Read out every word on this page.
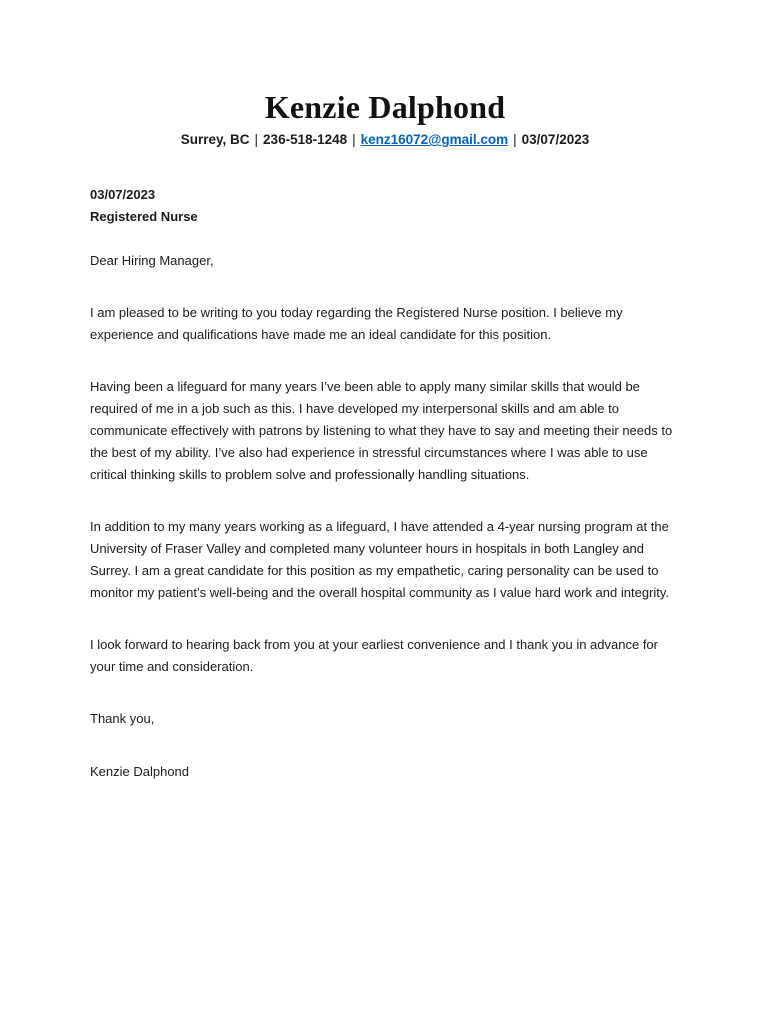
Kenzie Dalphond
Surrey, BC | 236-518-1248 | kenz16072@gmail.com | 03/07/2023
03/07/2023
Registered Nurse
Dear Hiring Manager,

I am pleased to be writing to you today regarding the Registered Nurse position. I believe my experience and qualifications have made me an ideal candidate for this position.

Having been a lifeguard for many years I’ve been able to apply many similar skills that would be required of me in a job such as this. I have developed my interpersonal skills and am able to communicate effectively with patrons by listening to what they have to say and meeting their needs to the best of my ability. I’ve also had experience in stressful circumstances where I was able to use critical thinking skills to problem solve and professionally handling situations.

In addition to my many years working as a lifeguard, I have attended a 4-year nursing program at the University of Fraser Valley and completed many volunteer hours in hospitals in both Langley and Surrey. I am a great candidate for this position as my empathetic, caring personality can be used to monitor my patient’s well-being and the overall hospital community as I value hard work and integrity.

I look forward to hearing back from you at your earliest convenience and I thank you in advance for your time and consideration.

Thank you,
Kenzie Dalphond
